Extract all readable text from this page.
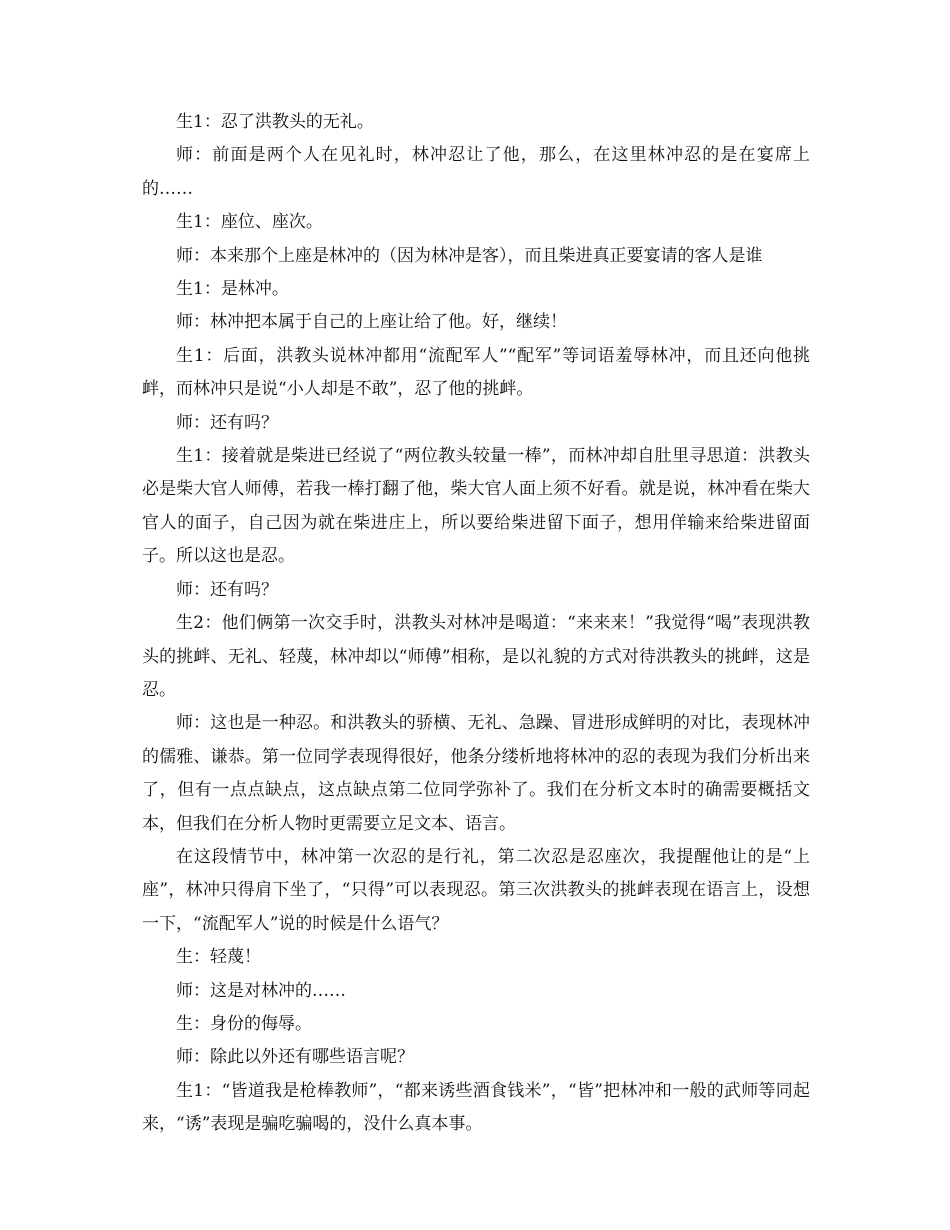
生1：忍了洪教头的无礼。

师：前面是两个人在见礼时，林冲忍让了他，那么，在这里林冲忍的是在宴席上的……

生1：座位、座次。

师：本来那个上座是林冲的（因为林冲是客），而且柴进真正要宴请的客人是谁

生1：是林冲。

师：林冲把本属于自己的上座让给了他。好，继续！

生1：后面，洪教头说林冲都用“流配军人”“配军”等词语羞辱林冲，而且还向他挑衅，而林冲只是说“小人却是不敢”，忍了他的挑衅。

师：还有吗？

生1：接着就是柴进已经说了“两位教头较量一棒”，而林冲却自肚里寻思道：洪教头必是柴大官人师傅，若我一棒打翻了他，柴大官人面上须不好看。就是说，林冲看在柴大官人的面子，自己因为就在柴进庄上，所以要给柴进留下面子，想用佯输来给柴进留面子。所以这也是忍。

师：还有吗？

生2：他们俩第一次交手时，洪教头对林冲是喝道：“来来来！”我觉得“喝”表现洪教头的挑衅、无礼、轻蔑，林冲却以“师傅”相称，是以礼貌的方式对待洪教头的挑衅，这是忍。

师：这也是一种忍。和洪教头的骄横、无礼、急躁、冒进形成鲜明的对比，表现林冲的儒雅、谦恭。第一位同学表现得很好，他条分缕析地将林冲的忍的表现为我们分析出来了，但有一点点缺点，这点缺点第二位同学弥补了。我们在分析文本时的确需要概括文本，但我们在分析人物时更需要立足文本、语言。

在这段情节中，林冲第一次忍的是行礼，第二次忍是忍座次，我提醒他让的是“上座”，林冲只得肩下坐了，“只得”可以表现忍。第三次洪教头的挑衅表现在语言上，设想一下，“流配军人”说的时候是什么语气？

生：轻蔑！

师：这是对林冲的……

生：身份的侮辱。

师：除此以外还有哪些语言呢？

生1：“皆道我是枪棒教师”，“都来诱些酒食钱米”，“皆”把林冲和一般的武师等同起来，“诱”表现是骗吃骗喝的，没什么真本事。
